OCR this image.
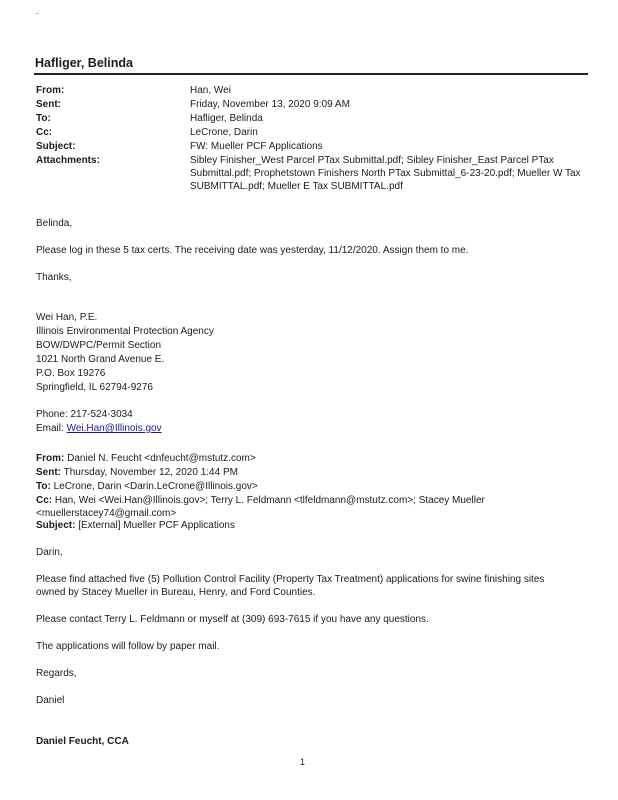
-
Hafliger, Belinda
From:	Han, Wei
Sent:	Friday, November 13, 2020 9:09 AM
To:	Hafliger, Belinda
Cc:	LeCrone, Darin
Subject:	FW: Mueller PCF Applications
Attachments:	Sibley Finisher_West Parcel PTax Submittal.pdf; Sibley Finisher_East Parcel PTax Submittal.pdf; Prophetstown Finishers North PTax Submittal_6-23-20.pdf; Mueller W Tax SUBMITTAL.pdf; Mueller E Tax SUBMITTAL.pdf
Belinda,
Please log in these 5 tax certs. The receiving date was yesterday, 11/12/2020. Assign them to me.
Thanks,
Wei Han, P.E.
Illinois Environmental Protection Agency
BOW/DWPC/Permit Section
1021 North Grand Avenue E.
P.O. Box 19276
Springfield, IL 62794-9276
Phone: 217-524-3034
Email: Wei.Han@Illinois.gov
From: Daniel N. Feucht <dnfeucht@mstutz.com>
Sent: Thursday, November 12, 2020 1:44 PM
To: LeCrone, Darin <Darin.LeCrone@Illinois.gov>
Cc: Han, Wei <Wei.Han@Illinois.gov>; Terry L. Feldmann <tlfeldmann@mstutz.com>; Stacey Mueller <muellerstacey74@gmail.com>
Subject: [External] Mueller PCF Applications
Darin,
Please find attached five (5) Pollution Control Facility (Property Tax Treatment) applications for swine finishing sites owned by Stacey Mueller in Bureau, Henry, and Ford Counties.
Please contact Terry L. Feldmann or myself at (309) 693-7615 if you have any questions.
The applications will follow by paper mail.
Regards,
Daniel
Daniel Feucht, CCA
1
